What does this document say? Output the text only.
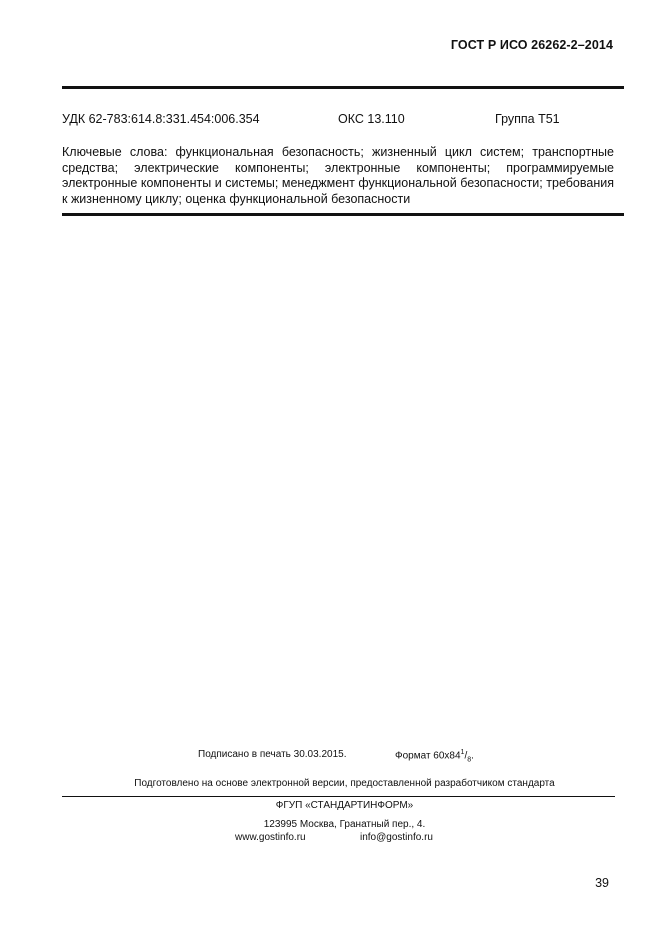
ГОСТ Р ИСО 26262-2–2014
УДК 62-783:614.8:331.454:006.354	ОКС 13.110	Группа Т51
Ключевые слова: функциональная безопасность; жизненный цикл систем; транспортные средства; электрические компоненты; электронные компоненты; программируемые электронные компоненты и системы; менеджмент функциональной безопасности; требования к жизненному циклу; оценка функциональной безопасности
Подписано в печать 30.03.2015.	Формат $60x84^1/_8$.
Подготовлено на основе электронной версии, предоставленной разработчиком стандарта
ФГУП «СТАНДАРТИНФОРМ»
123995 Москва, Гранатный пер., 4.
www.gostinfo.ru	info@gostinfo.ru
39
